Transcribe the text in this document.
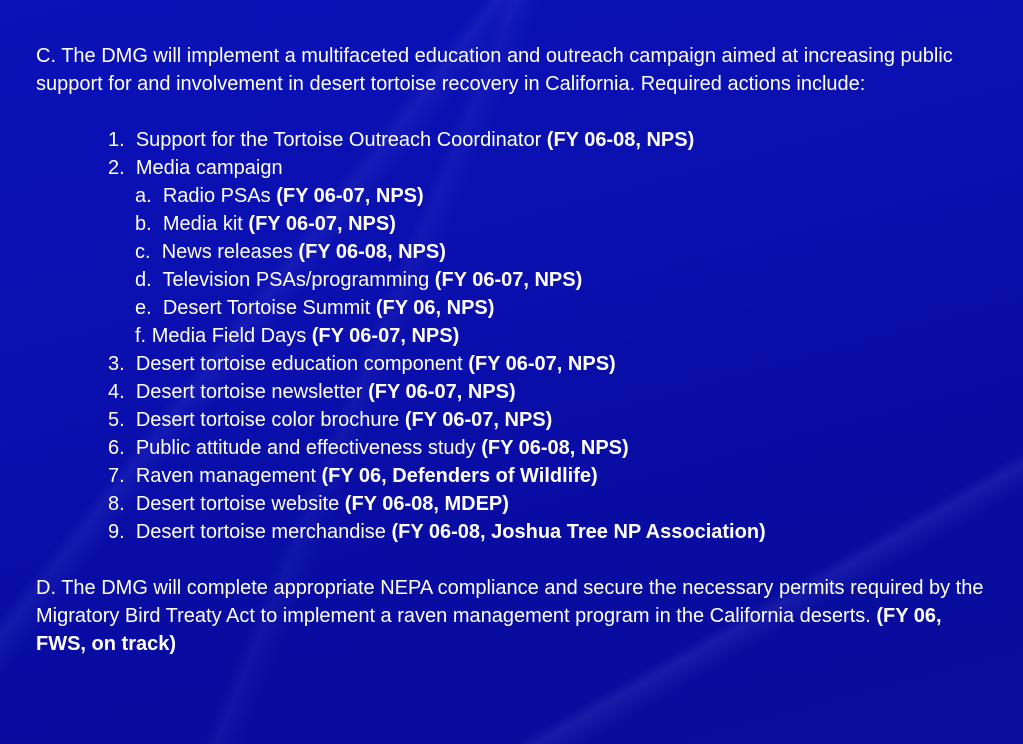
C. The DMG will implement a multifaceted education and outreach campaign aimed at increasing public support for and involvement in desert tortoise recovery in California. Required actions include:

1. Support for the Tortoise Outreach Coordinator (FY 06-08, NPS)
2. Media campaign
a. Radio PSAs (FY 06-07, NPS)
b. Media kit (FY 06-07, NPS)
c. News releases (FY 06-08, NPS)
d. Television PSAs/programming (FY 06-07, NPS)
e. Desert Tortoise Summit (FY 06, NPS)
f. Media Field Days (FY 06-07, NPS)
3. Desert tortoise education component (FY 06-07, NPS)
4. Desert tortoise newsletter (FY 06-07, NPS)
5. Desert tortoise color brochure (FY 06-07, NPS)
6. Public attitude and effectiveness study (FY 06-08, NPS)
7. Raven management (FY 06, Defenders of Wildlife)
8. Desert tortoise website (FY 06-08, MDEP)
9. Desert tortoise merchandise (FY 06-08, Joshua Tree NP Association)

D. The DMG will complete appropriate NEPA compliance and secure the necessary permits required by the Migratory Bird Treaty Act to implement a raven management program in the California deserts. (FY 06, FWS, on track)
